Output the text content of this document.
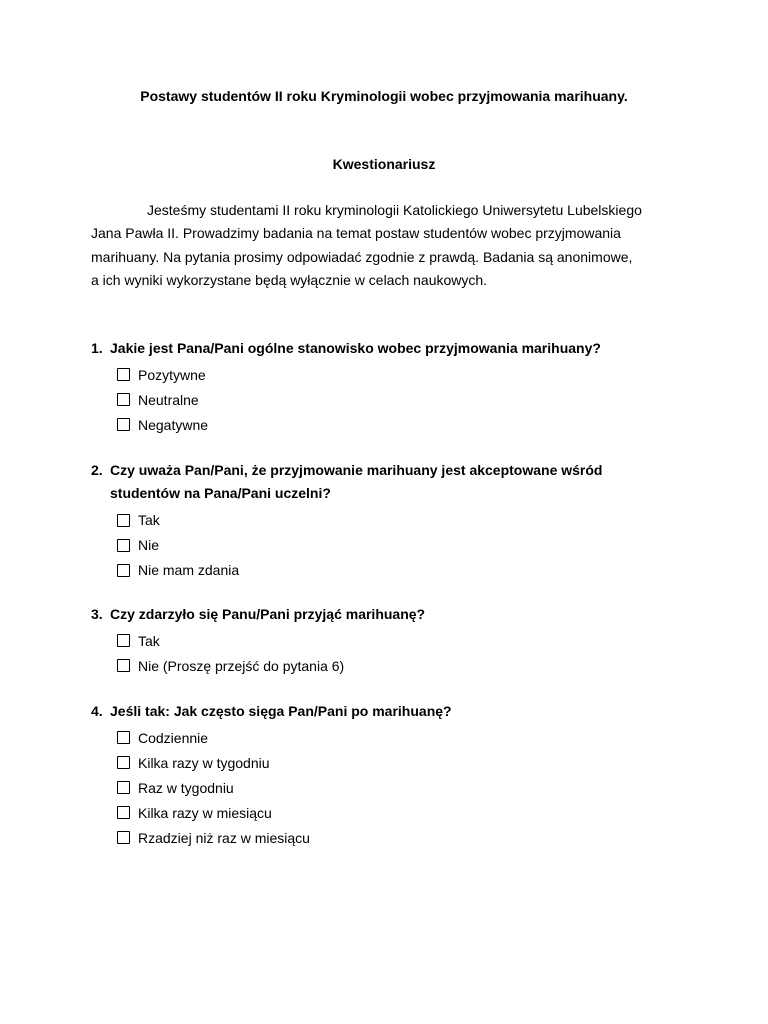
Postawy studentów II roku Kryminologii wobec przyjmowania marihuany.
Kwestionariusz
Jesteśmy studentami II roku kryminologii Katolickiego Uniwersytetu Lubelskiego
Jana Pawła II. Prowadzimy badania na temat postaw studentów wobec przyjmowania
marihuany. Na pytania prosimy odpowiadać zgodnie z prawdą. Badania są anonimowe,
a ich wyniki wykorzystane będą wyłącznie w celach naukowych.
1. Jakie jest Pana/Pani ogólne stanowisko wobec przyjmowania marihuany?
Pozytywne
Neutralne
Negatywne
2. Czy uważa Pan/Pani, że przyjmowanie marihuany jest akceptowane wśród
studentów na Pana/Pani uczelni?
Tak
Nie
Nie mam zdania
3. Czy zdarzyło się Panu/Pani przyjąć marihuanę?
Tak
Nie (Proszę przejść do pytania 6)
4. Jeśli tak: Jak często sięga Pan/Pani po marihuanę?
Codziennie
Kilka razy w tygodniu
Raz w tygodniu
Kilka razy w miesiącu
Rzadziej niż raz w miesiącu
